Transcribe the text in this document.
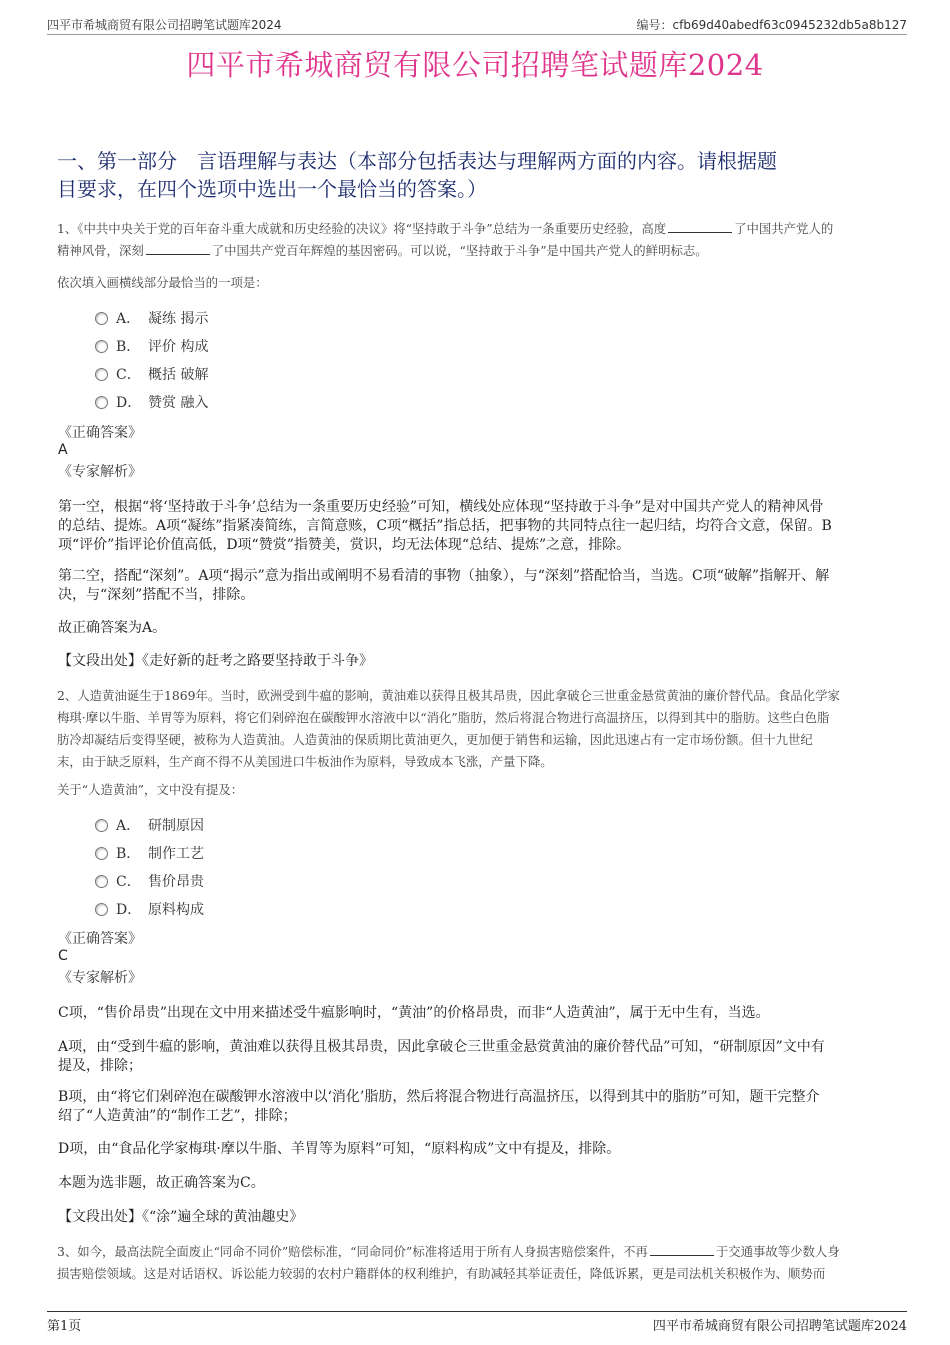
四平市希城商贸有限公司招聘笔试题库2024	编号：cfb69d40abedf63c0945232db5a8b127
四平市希城商贸有限公司招聘笔试题库2024
一、第一部分　言语理解与表达（本部分包括表达与理解两方面的内容。请根据题
目要求，在四个选项中选出一个最恰当的答案。）
1、《中共中央关于党的百年奋斗重大成就和历史经验的决议》将“坚持敢于斗争”总结为一条重要历史经验，高度	了中国共产党人的
精神风骨，深刻	了中国共产党百年辉煌的基因密码。可以说，“坚持敢于斗争”是中国共产党人的鲜明标志。
依次填入画横线部分最恰当的一项是：
A． 凝练 揭示
B． 评价 构成
C． 概括 破解
D． 赞赏 融入
《正确答案》
A
《专家解析》
第一空，根据“将‘坚持敢于斗争’总结为一条重要历史经验”可知，横线处应体现“坚持敢于斗争”是对中国共产党人的精神风骨
的总结、提炼。A项“凝练”指紧凑简练，言简意赅，C项“概括”指总括，把事物的共同特点往一起归结，均符合文意，保留。B
项“评价”指评论价值高低，D项“赞赏”指赞美，赏识，均无法体现“总结、提炼”之意，排除。
第二空，搭配“深刻”。A项“揭示”意为指出或阐明不易看清的事物（抽象），与“深刻”搭配恰当，当选。C项“破解”指解开、解
决，与“深刻”搭配不当，排除。
故正确答案为A。
【文段出处】《走好新的赶考之路要坚持敢于斗争》
2、人造黄油诞生于1869年。当时，欧洲受到牛瘟的影响，黄油难以获得且极其昂贵，因此拿破仑三世重金悬赏黄油的廉价替代品。食品化学家
梅琪·摩以牛脂、羊胃等为原料，将它们剁碎泡在碳酸钾水溶液中以“消化”脂肪，然后将混合物进行高温挤压，以得到其中的脂肪。这些白色脂
肪冷却凝结后变得坚硬，被称为人造黄油。人造黄油的保质期比黄油更久，更加便于销售和运输，因此迅速占有一定市场份额。但十九世纪
末，由于缺乏原料，生产商不得不从美国进口牛板油作为原料，导致成本飞涨，产量下降。
关于“人造黄油”，文中没有提及：
A． 研制原因
B． 制作工艺
C． 售价昂贵
D． 原料构成
《正确答案》
C
《专家解析》
C项，“售价昂贵”出现在文中用来描述受牛瘟影响时，“黄油”的价格昂贵，而非“人造黄油”，属于无中生有，当选。
A项，由“受到牛瘟的影响，黄油难以获得且极其昂贵，因此拿破仑三世重金悬赏黄油的廉价替代品”可知，“研制原因”文中有
提及，排除；
B项，由“将它们剁碎泡在碳酸钾水溶液中以‘消化’脂肪，然后将混合物进行高温挤压，以得到其中的脂肪”可知，题干完整介
绍了“人造黄油”的“制作工艺”，排除；
D项，由“食品化学家梅琪·摩以牛脂、羊胃等为原料”可知，“原料构成”文中有提及，排除。
本题为选非题，故正确答案为C。
【文段出处】《“涂”遍全球的黄油趣史》
3、如今，最高法院全面废止“同命不同价”赔偿标准，“同命同价”标准将适用于所有人身损害赔偿案件，不再	于交通事故等少数人身
损害赔偿领域。这是对话语权、诉讼能力较弱的农村户籍群体的权利维护，有助减轻其举证责任，降低诉累，更是司法机关积极作为、顺势而
第1页	四平市希城商贸有限公司招聘笔试题库2024
